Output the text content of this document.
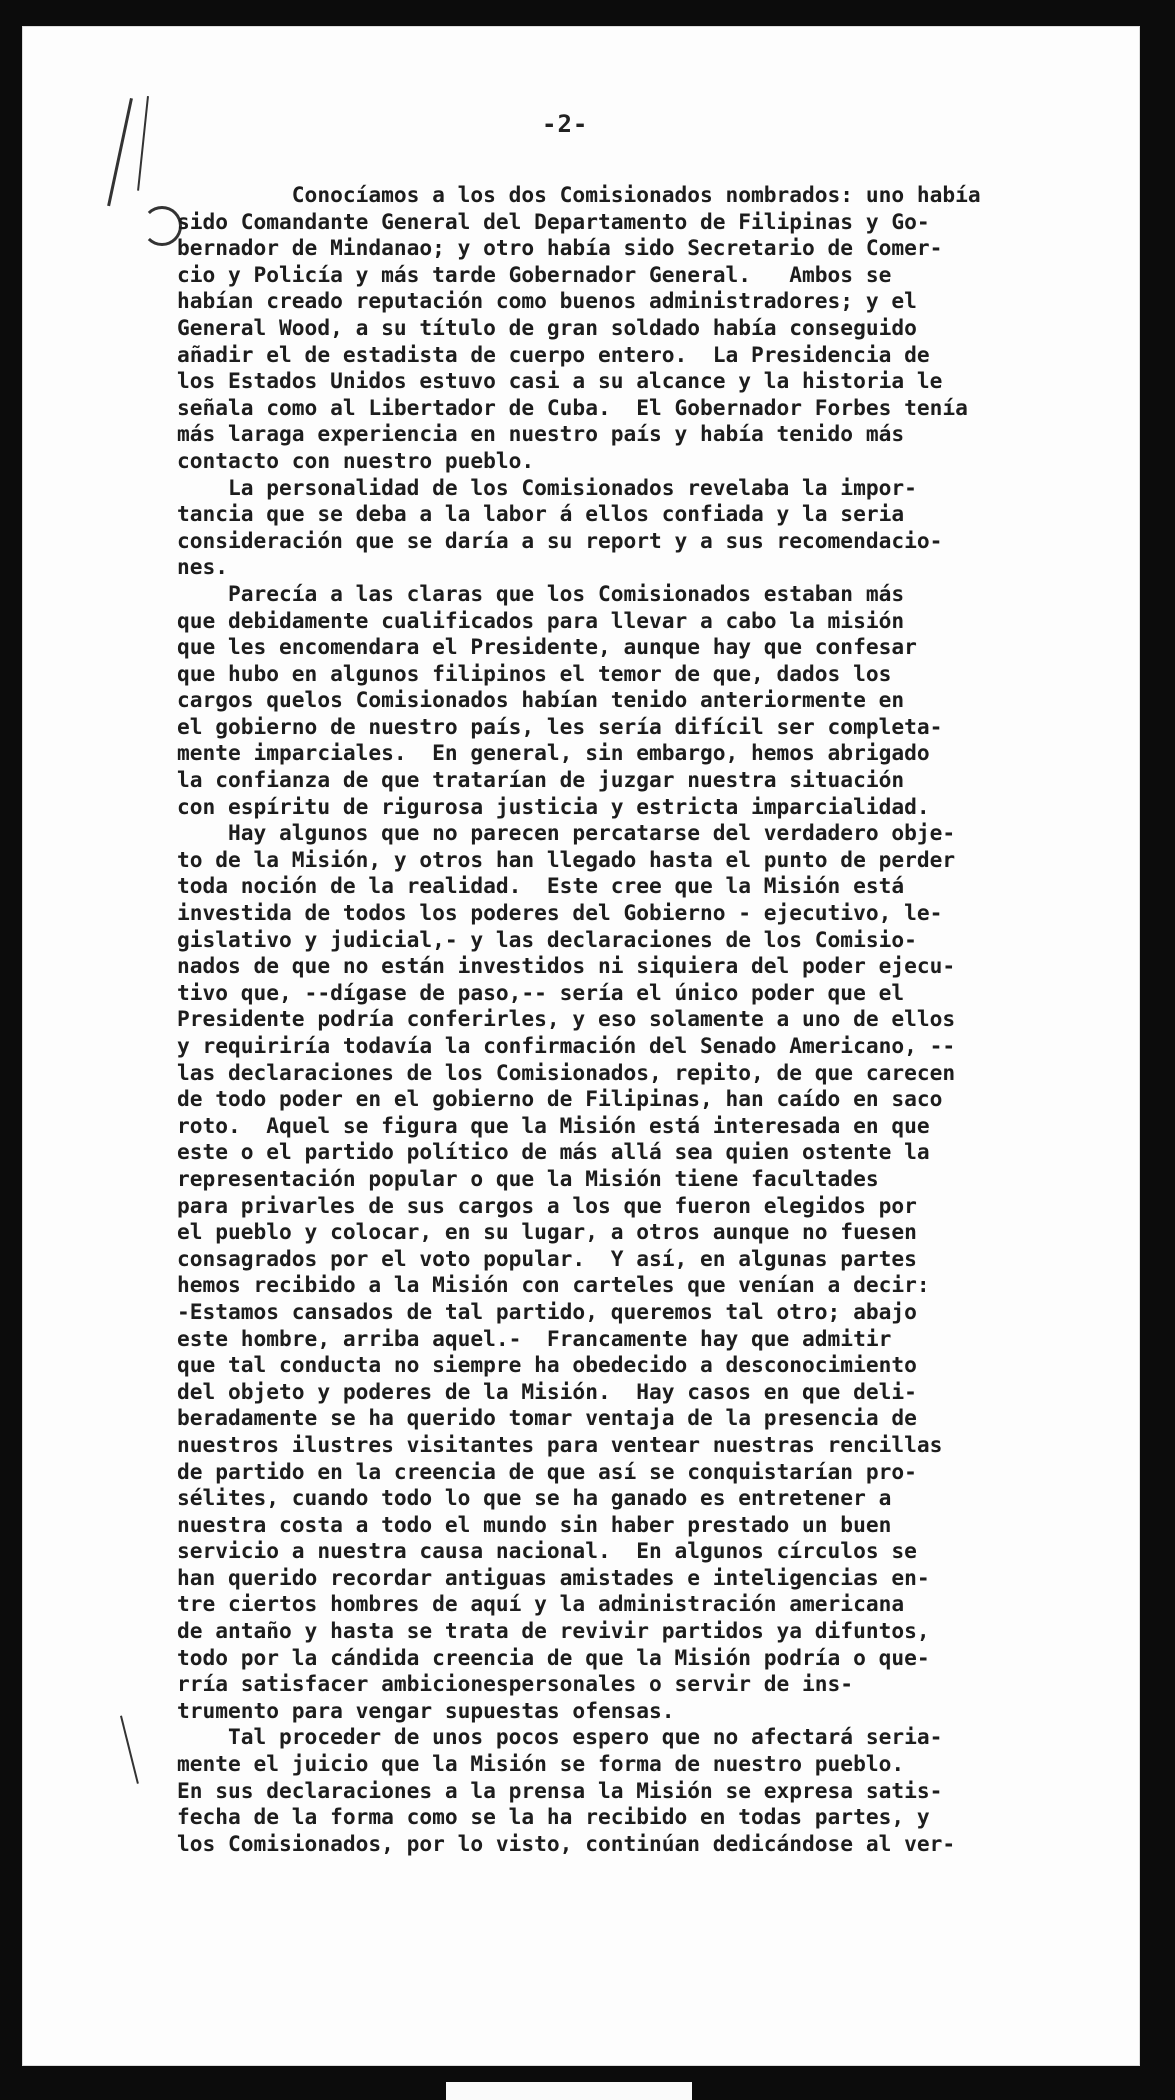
-2-
Conocíamos a los dos Comisionados nombrados: uno había
sido Comandante General del Departamento de Filipinas y Go-
bernador de Mindanao; y otro había sido Secretario de Comer-
cio y Policía y más tarde Gobernador General.   Ambos se
habían creado reputación como buenos administradores; y el
General Wood, a su título de gran soldado había conseguido
añadir el de estadista de cuerpo entero.  La Presidencia de
los Estados Unidos estuvo casi a su alcance y la historia le
señala como al Libertador de Cuba.  El Gobernador Forbes tenía
más laraga experiencia en nuestro país y había tenido más
contacto con nuestro pueblo.
La personalidad de los Comisionados revelaba la impor-
tancia que se deba a la labor á ellos confiada y la seria
consideración que se daría a su report y a sus recomendacio-
nes.
Parecía a las claras que los Comisionados estaban más
que debidamente cualificados para llevar a cabo la misión
que les encomendara el Presidente, aunque hay que confesar
que hubo en algunos filipinos el temor de que, dados los
cargos quelos Comisionados habían tenido anteriormente en
el gobierno de nuestro país, les sería difícil ser completa-
mente imparciales.  En general, sin embargo, hemos abrigado
la confianza de que tratarían de juzgar nuestra situación
con espíritu de rigurosa justicia y estricta imparcialidad.
Hay algunos que no parecen percatarse del verdadero obje-
to de la Misión, y otros han llegado hasta el punto de perder
toda noción de la realidad.  Este cree que la Misión está
investida de todos los poderes del Gobierno - ejecutivo, le-
gislativo y judicial,- y las declaraciones de los Comisio-
nados de que no están investidos ni siquiera del poder ejecu-
tivo que, --dígase de paso,-- sería el único poder que el
Presidente podría conferirles, y eso solamente a uno de ellos
y requiriría todavía la confirmación del Senado Americano, --
las declaraciones de los Comisionados, repito, de que carecen
de todo poder en el gobierno de Filipinas, han caído en saco
roto.  Aquel se figura que la Misión está interesada en que
este o el partido político de más allá sea quien ostente la
representación popular o que la Misión tiene facultades
para privarles de sus cargos a los que fueron elegidos por
el pueblo y colocar, en su lugar, a otros aunque no fuesen
consagrados por el voto popular.  Y así, en algunas partes
hemos recibido a la Misión con carteles que venían a decir:
-Estamos cansados de tal partido, queremos tal otro; abajo
este hombre, arriba aquel.-  Francamente hay que admitir
que tal conducta no siempre ha obedecido a desconocimiento
del objeto y poderes de la Misión.  Hay casos en que deli-
beradamente se ha querido tomar ventaja de la presencia de
nuestros ilustres visitantes para ventear nuestras rencillas
de partido en la creencia de que así se conquistarían pro-
sélites, cuando todo lo que se ha ganado es entretener a
nuestra costa a todo el mundo sin haber prestado un buen
servicio a nuestra causa nacional.  En algunos círculos se
han querido recordar antiguas amistades e inteligencias en-
tre ciertos hombres de aquí y la administración americana
de antaño y hasta se trata de revivir partidos ya difuntos,
todo por la cándida creencia de que la Misión podría o que-
rría satisfacer ambicionespersonales o servir de ins-
trumento para vengar supuestas ofensas.
Tal proceder de unos pocos espero que no afectará seria-
mente el juicio que la Misión se forma de nuestro pueblo.
En sus declaraciones a la prensa la Misión se expresa satis-
fecha de la forma como se la ha recibido en todas partes, y
los Comisionados, por lo visto, continúan dedicándose al ver-
